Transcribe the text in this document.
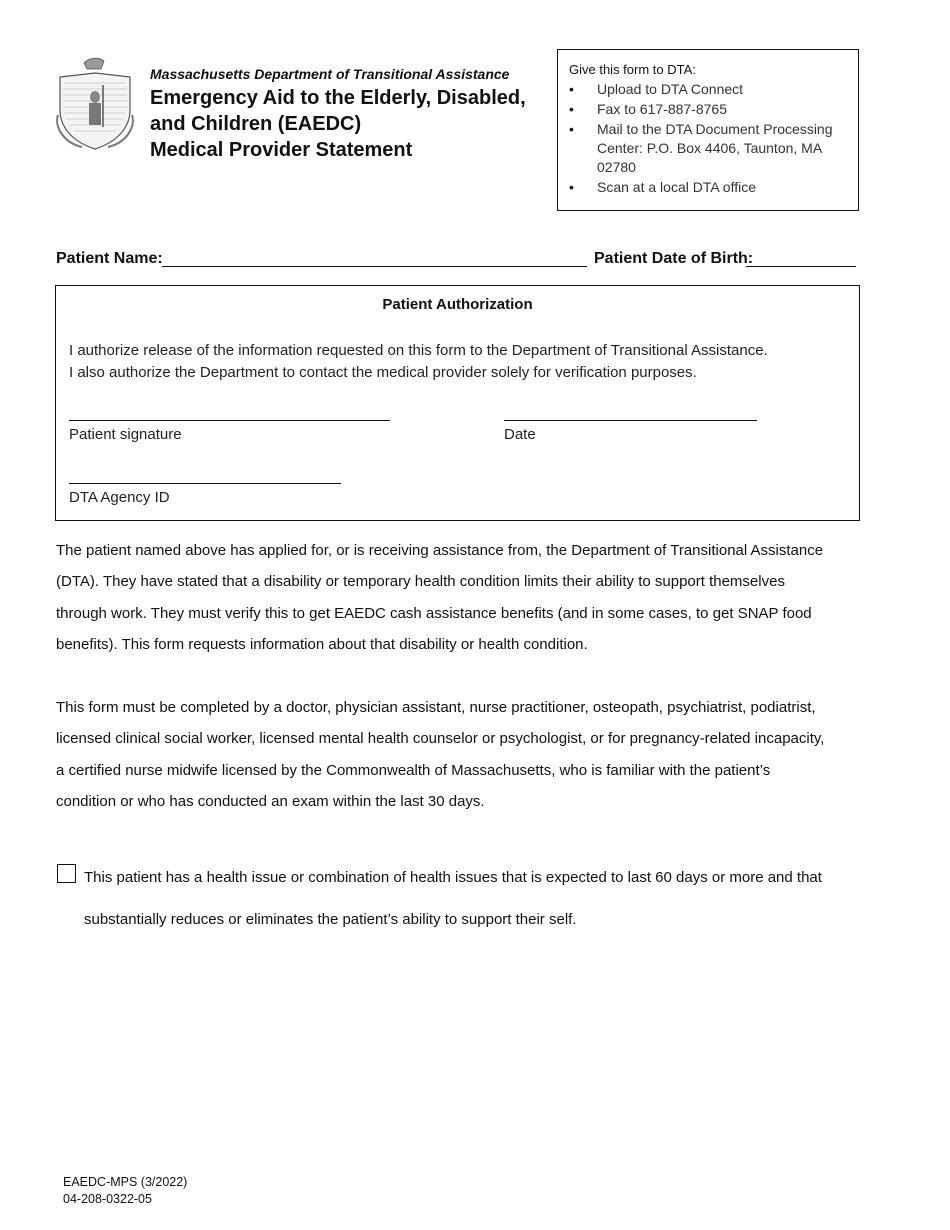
Massachusetts Department of Transitional Assistance
Emergency Aid to the Elderly, Disabled,
and Children (EAEDC)
Medical Provider Statement
Give this form to DTA:
• Upload to DTA Connect
• Fax to 617-887-8765
• Mail to the DTA Document Processing Center: P.O. Box 4406, Taunton, MA 02780
• Scan at a local DTA office
Patient Name:	Patient Date of Birth:
Patient Authorization
I authorize release of the information requested on this form to the Department of Transitional Assistance.
I also authorize the Department to contact the medical provider solely for verification purposes.
Patient signature	Date
DTA Agency ID
The patient named above has applied for, or is receiving assistance from, the Department of Transitional Assistance
(DTA). They have stated that a disability or temporary health condition limits their ability to support themselves
through work. They must verify this to get EAEDC cash assistance benefits (and in some cases, to get SNAP food
benefits). This form requests information about that disability or health condition.
This form must be completed by a doctor, physician assistant, nurse practitioner, osteopath, psychiatrist, podiatrist,
licensed clinical social worker, licensed mental health counselor or psychologist, or for pregnancy-related incapacity,
a certified nurse midwife licensed by the Commonwealth of Massachusetts, who is familiar with the patient’s
condition or who has conducted an exam within the last 30 days.
This patient has a health issue or combination of health issues that is expected to last 60 days or more and that
substantially reduces or eliminates the patient’s ability to support their self.
EAEDC-MPS (3/2022)
04-208-0322-05
